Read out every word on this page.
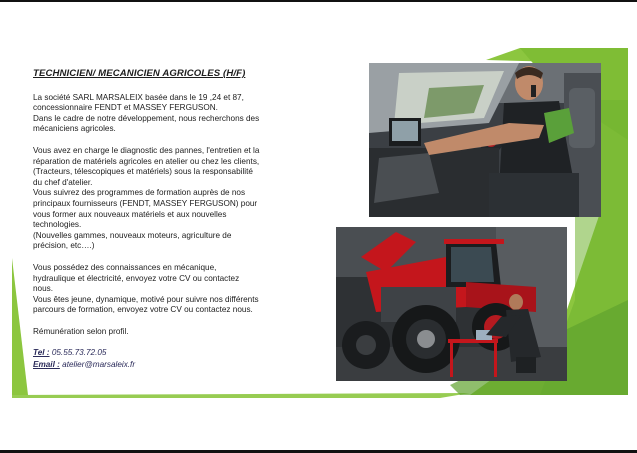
TECHNICIEN/ MECANICIEN AGRICOLES (H/F)

La société SARL MARSALEIX basée dans le 19 ,24 et 87,

concessionnaire FENDT et MASSEY FERGUSON.

Dans le cadre de notre développement, nous recherchons des

mécaniciens agricoles.

Vous avez en charge le diagnostic des pannes, l'entretien et la

réparation de matériels agricoles en atelier ou chez les clients,

(Tracteurs, télescopiques et matériels) sous la responsabilité

du chef d'atelier.

Vous suivrez des programmes de formation auprès de nos

principaux fournisseurs (FENDT, MASSEY FERGUSON) pour

vous former aux nouveaux matériels et aux nouvelles

technologies.

(Nouvelles gammes, nouveaux moteurs, agriculture de

précision, etc….)

Vous possédez des connaissances en mécanique,

hydraulique et électricité, envoyez votre CV ou contactez

nous.

Vous êtes jeune, dynamique, motivé pour suivre nos différents

parcours de formation, envoyez votre CV ou contactez nous.

Rémunération selon profil.

Tel : 05.55.73.72.05
Email : atelier@marsaleix.fr
